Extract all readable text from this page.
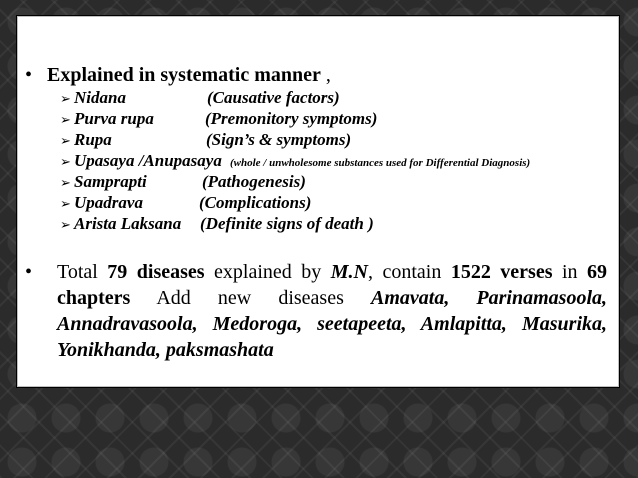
• Explained in systematic manner ,
➢ Nidana	(Causative factors)
➢ Purva rupa	(Premonitory symptoms)
➢ Rupa	(Sign’s & symptoms)
➢ Upasaya /Anupasaya (whole / unwholesome substances used for Differential Diagnosis)
➢ Samprapti	(Pathogenesis)
➢ Upadrava	(Complications)
➢ Arista Laksana (Definite signs of death )
•	Total 79 diseases explained by M.N, contain 1522 verses in 69 chapters Add new diseases Amavata, Parinamasoola, Annadravasoola, Medoroga, seetapeeta, Amlapitta, Masurika, Yonikhanda, paksmashata
